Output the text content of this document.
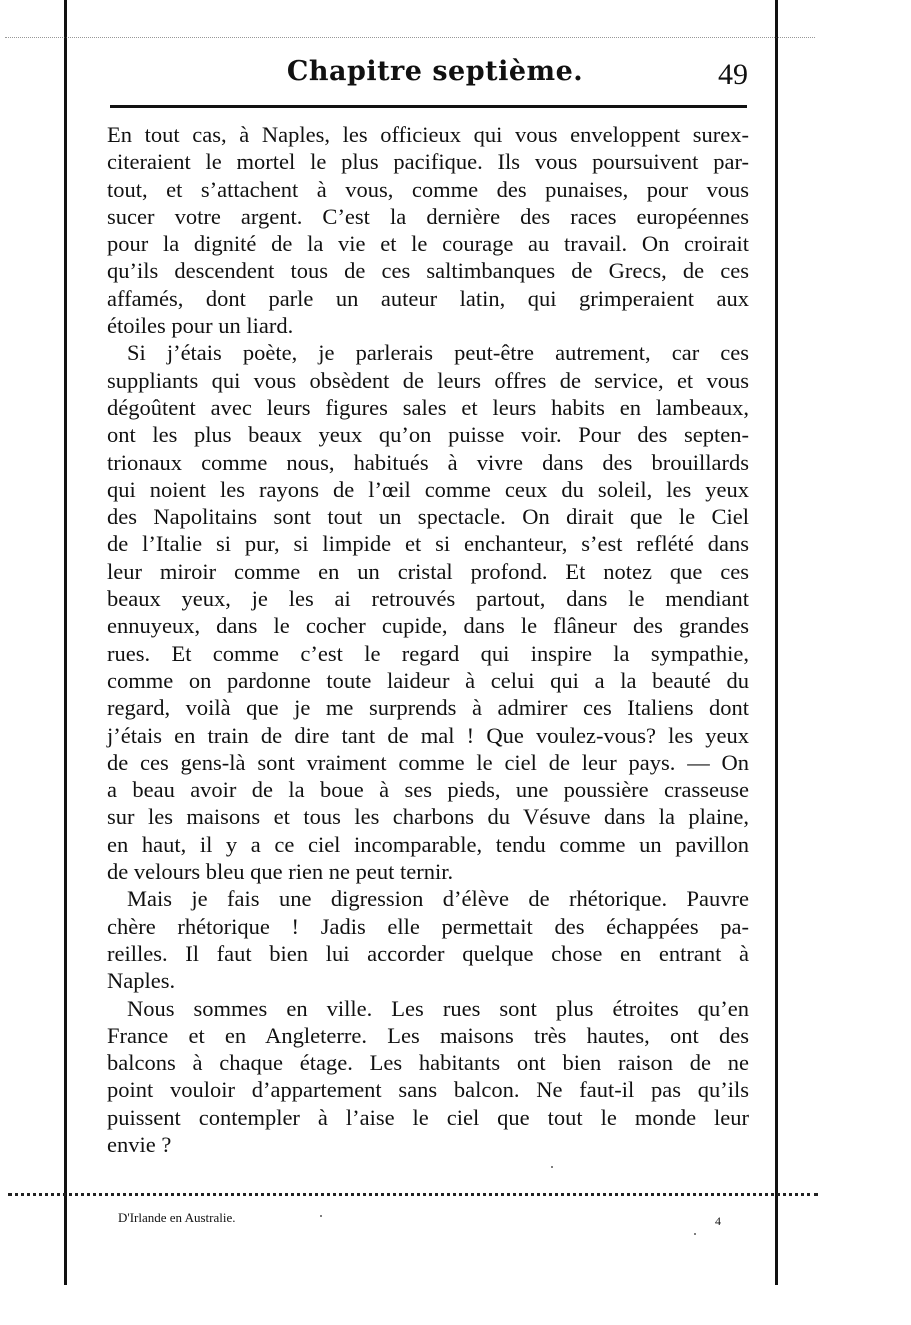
Chapitre septième.	49
En tout cas, à Naples, les officieux qui vous enveloppent surex-
citeraient le mortel le plus pacifique. Ils vous poursuivent par-
tout, et s’attachent à vous, comme des punaises, pour vous
sucer votre argent. C’est la dernière des races européennes
pour la dignité de la vie et le courage au travail. On croirait
qu’ils descendent tous de ces saltimbanques de Grecs, de ces
affamés, dont parle un auteur latin, qui grimperaient aux
étoiles pour un liard.
Si j’étais poète, je parlerais peut-être autrement, car ces
suppliants qui vous obsèdent de leurs offres de service, et vous
dégoûtent avec leurs figures sales et leurs habits en lambeaux,
ont les plus beaux yeux qu’on puisse voir. Pour des septen-
trionaux comme nous, habitués à vivre dans des brouillards
qui noient les rayons de l’œil comme ceux du soleil, les yeux
des Napolitains sont tout un spectacle. On dirait que le Ciel
de l’Italie si pur, si limpide et si enchanteur, s’est reflété dans
leur miroir comme en un cristal profond. Et notez que ces
beaux yeux, je les ai retrouvés partout, dans le mendiant
ennuyeux, dans le cocher cupide, dans le flâneur des grandes
rues. Et comme c’est le regard qui inspire la sympathie,
comme on pardonne toute laideur à celui qui a la beauté du
regard, voilà que je me surprends à admirer ces Italiens dont
j’étais en train de dire tant de mal ! Que voulez-vous? les yeux
de ces gens-là sont vraiment comme le ciel de leur pays. — On
a beau avoir de la boue à ses pieds, une poussière crasseuse
sur les maisons et tous les charbons du Vésuve dans la plaine,
en haut, il y a ce ciel incomparable, tendu comme un pavillon
de velours bleu que rien ne peut ternir.
Mais je fais une digression d’élève de rhétorique. Pauvre
chère rhétorique ! Jadis elle permettait des échappées pa-
reilles. Il faut bien lui accorder quelque chose en entrant à
Naples.
Nous sommes en ville. Les rues sont plus étroites qu’en
France et en Angleterre. Les maisons très hautes, ont des
balcons à chaque étage. Les habitants ont bien raison de ne
point vouloir d’appartement sans balcon. Ne faut-il pas qu’ils
puissent contempler à l’aise le ciel que tout le monde leur
envie ?
D'Irlande en Australie.	4
